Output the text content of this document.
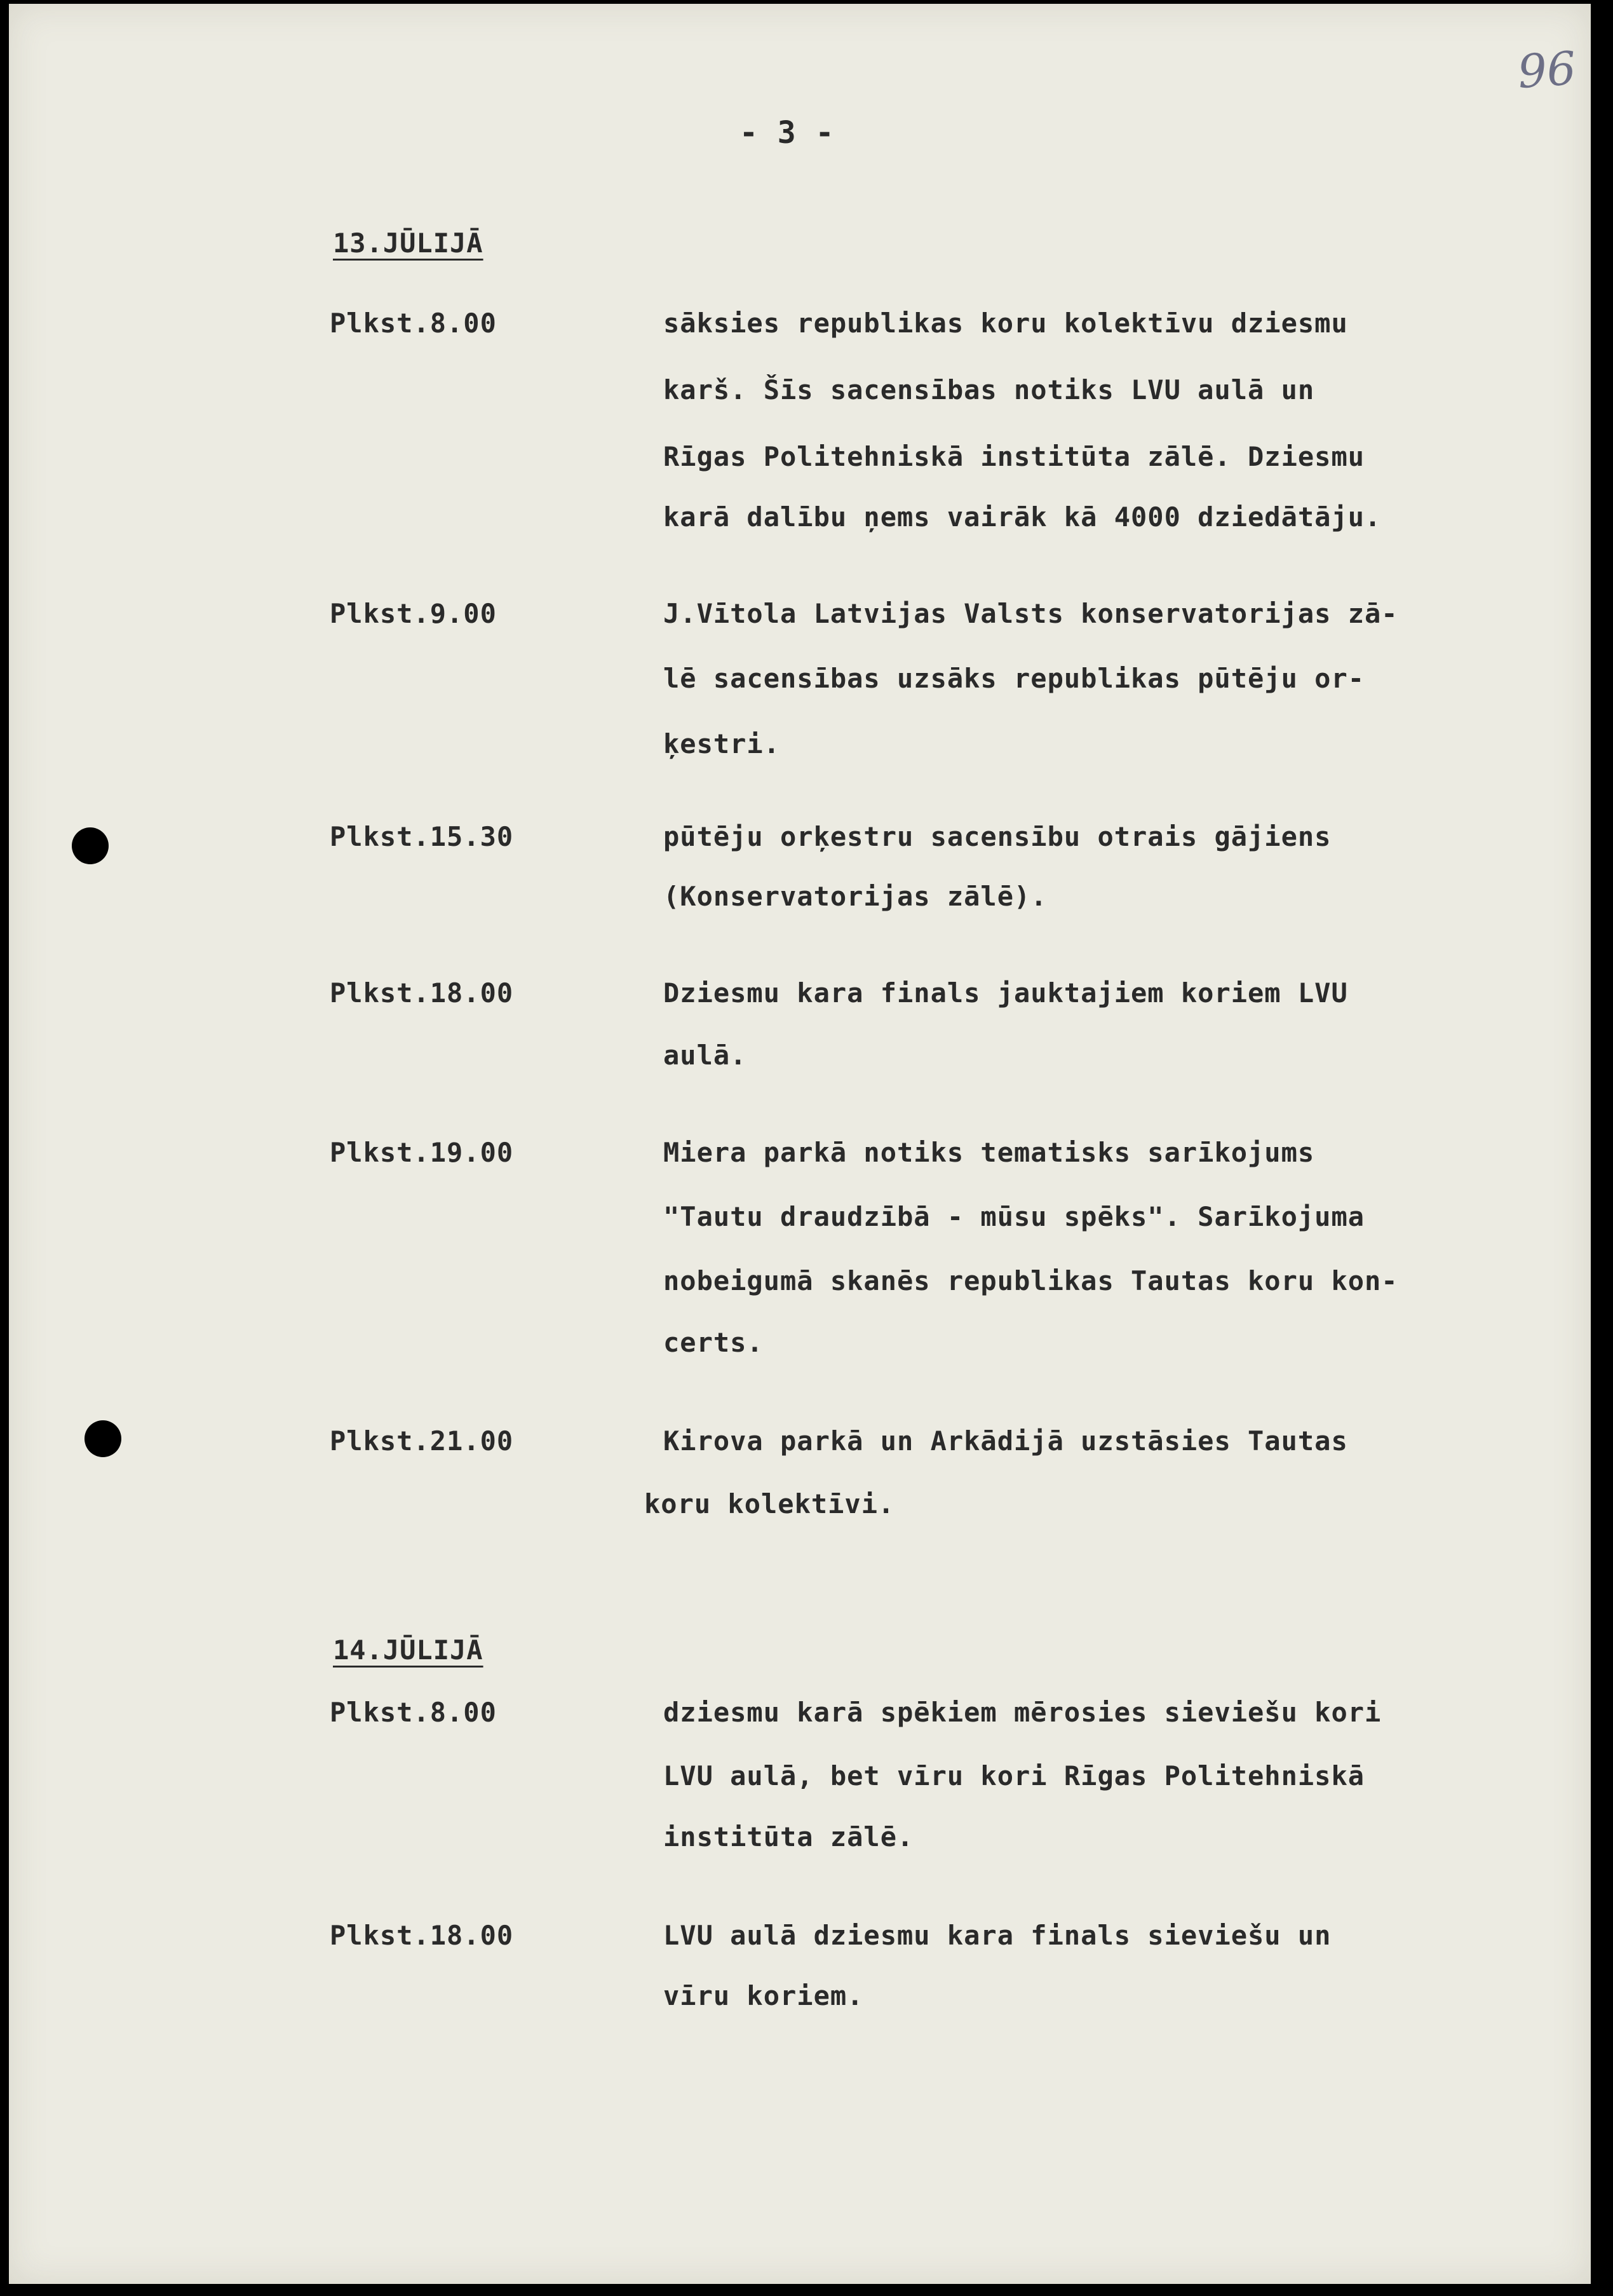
96
- 3 -
13.JŪLIJĀ
Plkst.8.00	sāksies republikas koru kolektīvu dziesmu
karš. Šīs sacensības notiks LVU aulā un
Rīgas Politehniskā institūta zālē. Dziesmu
karā dalību ņems vairāk kā 4000 dziedātāju.
Plkst.9.00	J.Vītola Latvijas Valsts konservatorijas zā-
lē sacensības uzsāks republikas pūtēju or-
ķestri.
Plkst.15.30	pūtēju orķestru sacensību otrais gājiens
(Konservatorijas zālē).
Plkst.18.00	Dziesmu kara finals jauktajiem koriem LVU
aulā.
Plkst.19.00	Miera parkā notiks tematisks sarīkojums
"Tautu draudzībā - mūsu spēks". Sarīkojuma
nobeigumā skanēs republikas Tautas koru kon-
certs.
Plkst.21.00	Kirova parkā un Arkādijā uzstāsies Tautas
koru kolektīvi.
14.JŪLIJĀ
Plkst.8.00	dziesmu karā spēkiem mērosies sieviešu kori
LVU aulā, bet vīru kori Rīgas Politehniskā
institūta zālē.
Plkst.18.00	LVU aulā dziesmu kara finals sieviešu un
vīru koriem.
